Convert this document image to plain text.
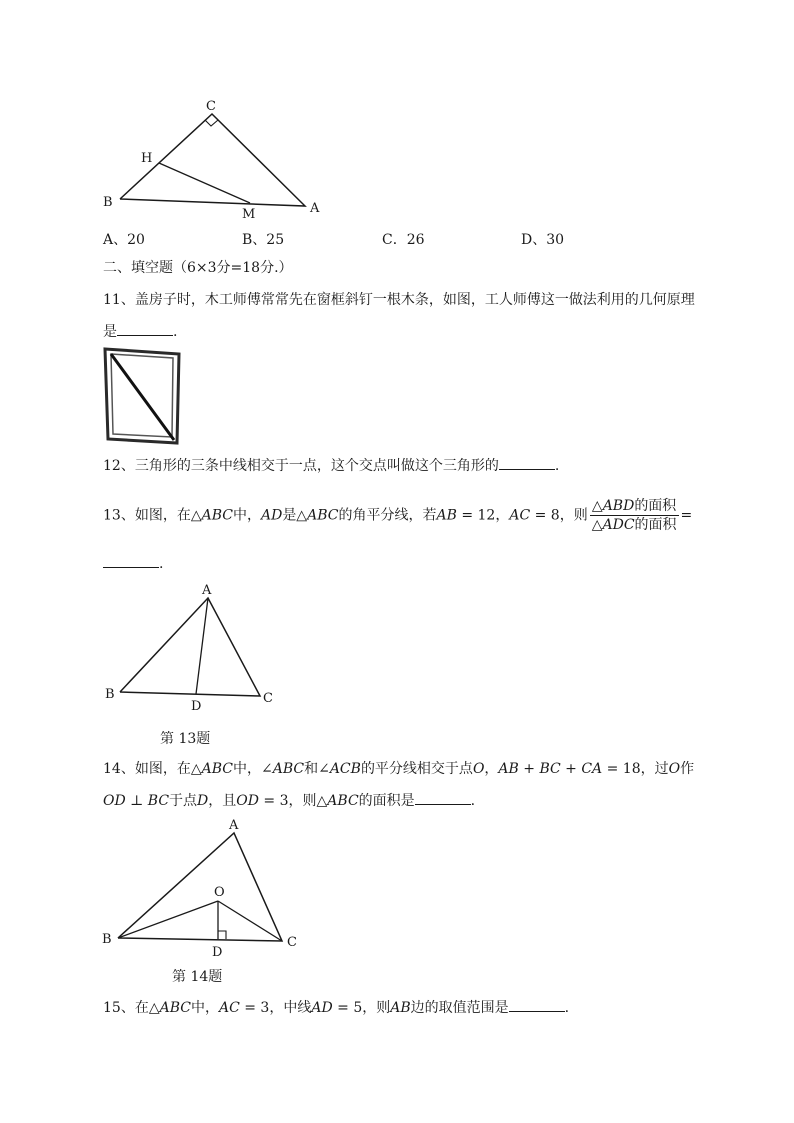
C
H
B
M	A
A、20	B、25	C．26	D、30
二、填空题（6×3分=18分.）
11、盖房子时，木工师傅常常先在窗框斜钉一根木条，如图，工人师傅这一做法利用的几何原理
是	.
12、三角形的三条中线相交于一点，这个交点叫做这个三角形的	.
13、如图，在△ABC中，AD是△ABC的角平分线，若AB = 12，AC = 8，则 $\frac{\text{△ABD的面积}}{\text{△ADC的面积}}$ =
.
A
B
D
C
第 13题
14、如图，在△ABC中，∠ABC和∠ACB的平分线相交于点O，AB + BC + CA = 18，过O作
OD ⊥ BC于点D，且OD = 3，则△ABC的面积是	.
A
O
B
D
C
第 14题
15、在△ABC中，AC = 3，中线AD = 5，则AB边的取值范围是	.
